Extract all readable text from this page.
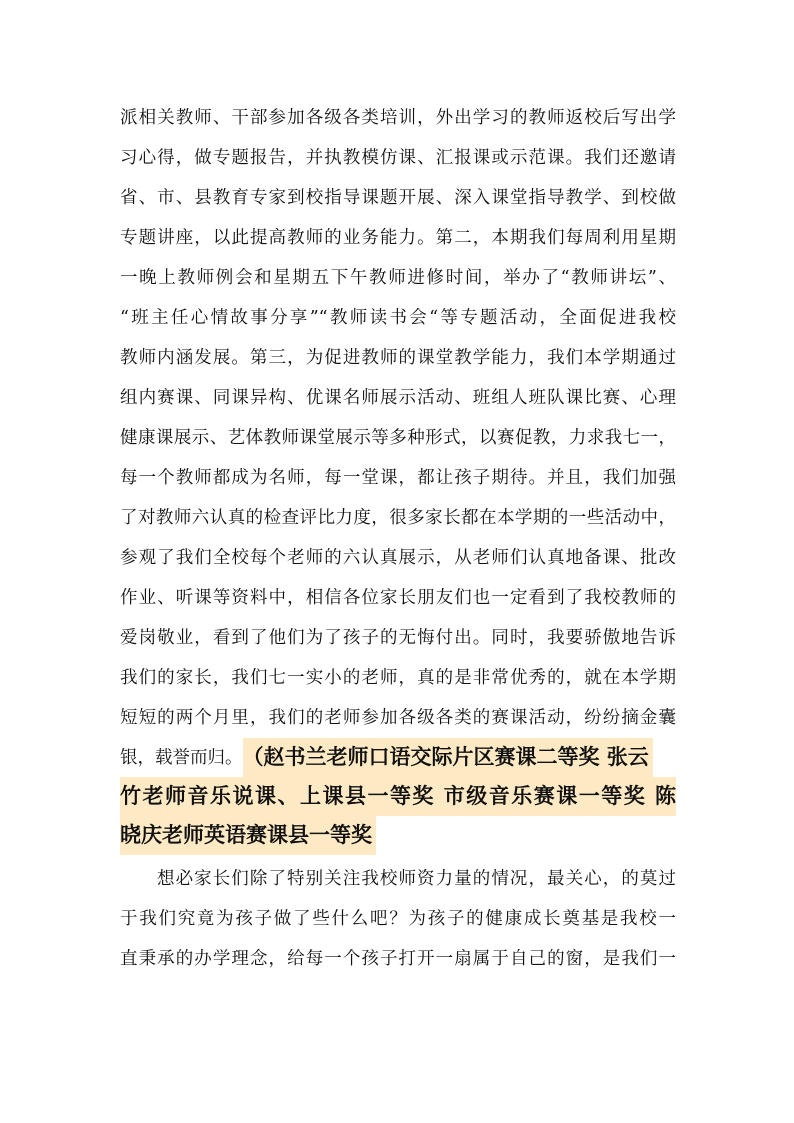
派相关教师、干部参加各级各类培训，外出学习的教师返校后写出学
习心得，做专题报告，并执教模仿课、汇报课或示范课。我们还邀请
省、市、县教育专家到校指导课题开展、深入课堂指导教学、到校做
专题讲座，以此提高教师的业务能力。第二，本期我们每周利用星期
一晚上教师例会和星期五下午教师进修时间，举办了“教师讲坛”、
“班主任心情故事分享”“教师读书会“等专题活动，全面促进我校
教师内涵发展。第三，为促进教师的课堂教学能力，我们本学期通过
组内赛课、同课异构、优课名师展示活动、班组人班队课比赛、心理
健康课展示、艺体教师课堂展示等多种形式，以赛促教，力求我七一，
每一个教师都成为名师，每一堂课，都让孩子期待。并且，我们加强
了对教师六认真的检查评比力度，很多家长都在本学期的一些活动中，
参观了我们全校每个老师的六认真展示，从老师们认真地备课、批改
作业、听课等资料中，相信各位家长朋友们也一定看到了我校教师的
爱岗敬业，看到了他们为了孩子的无悔付出。同时，我要骄傲地告诉
我们的家长，我们七一实小的老师，真的是非常优秀的，就在本学期
短短的两个月里，我们的老师参加各级各类的赛课活动，纷纷摘金囊
银，载誉而归。（赵书兰老师口语交际片区赛课二等奖 张云
竹老师音乐说课、上课县一等奖 市级音乐赛课一等奖 陈
晓庆老师英语赛课县一等奖
想必家长们除了特别关注我校师资力量的情况，最关心，的莫过
于我们究竟为孩子做了些什么吧？为孩子的健康成长奠基是我校一
直秉承的办学理念，给每一个孩子打开一扇属于自己的窗，是我们一
